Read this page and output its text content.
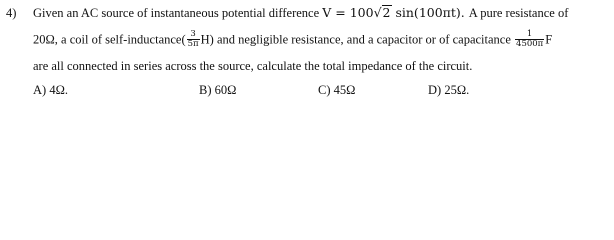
4) Given an AC source of instantaneous potential difference V = 100√2 sin(100πt). A pure resistance of
20Ω, a coil of self-inductance( $\frac{3}{5\pi} H$) and negligible resistance, and a capacitor or of capacitance $\frac{1}{4500\pi}$ F
are all connected in series across the source, calculate the total impedance of the circuit.
A) 4Ω.	B) 60Ω	C) 45Ω	D) 25Ω.
